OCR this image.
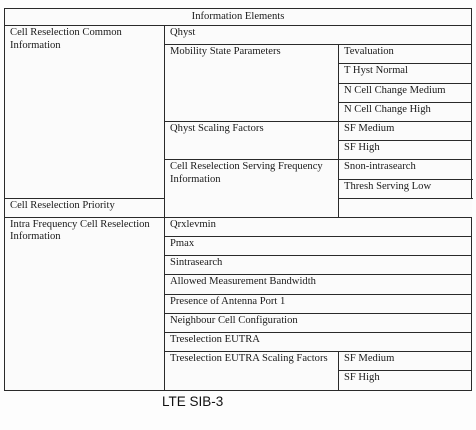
Information Elements		
Cell Reselection Common Information	Qhyst	
	Mobility State Parameters	Tevaluation
		T Hyst Normal
		N Cell Change Medium
		N Cell Change High
	Qhyst Scaling Factors	SF Medium
		SF High
	Cell Reselection Serving Frequency Information	Snon-intrasearch
		Thresh Serving Low
Cell Reselection Priority		
Intra Frequency Cell Reselection Information	Qrxlevmin	
	Pmax	
	Sintrasearch	
	Allowed Measurement Bandwidth	
	Presence of Antenna Port 1	
	Neighbour Cell Configuration	
	Treselection EUTRA	
	Treselection EUTRA Scaling Factors	SF Medium
		SF High
LTE SIB-3
